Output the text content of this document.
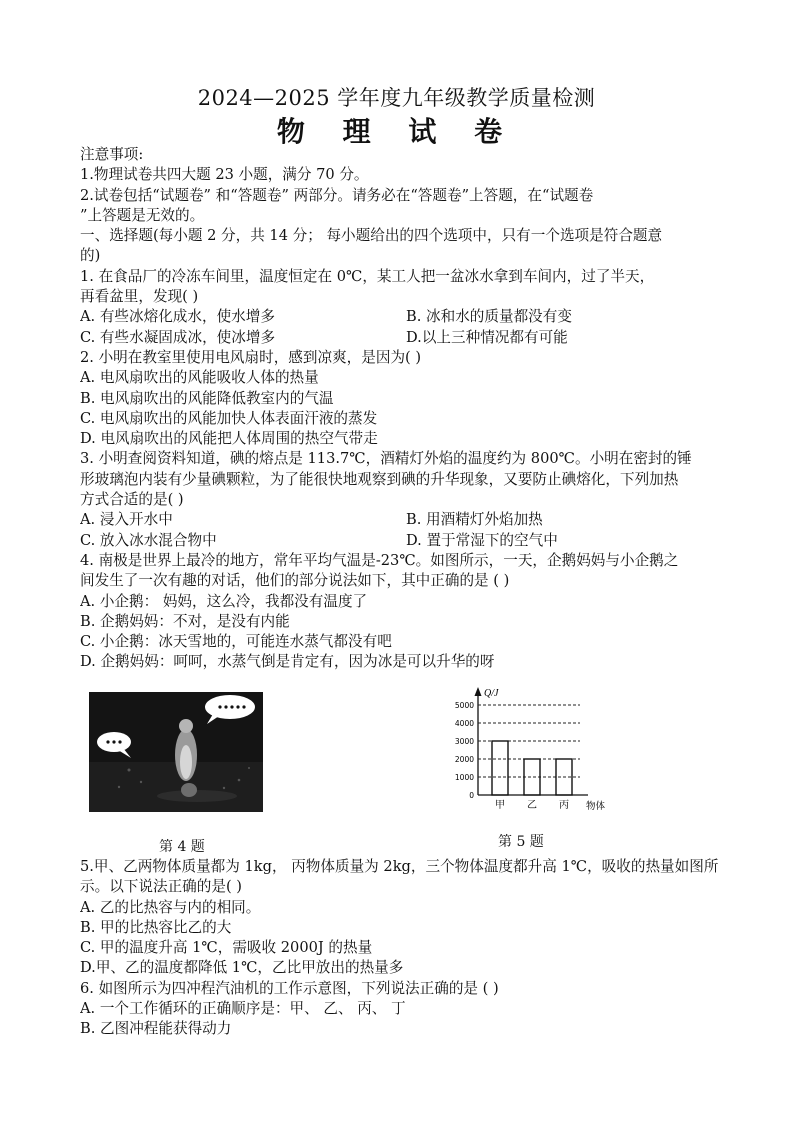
2024—2025 学年度九年级教学质量检测
物 理 试 卷
注意事项:
1.物理试卷共四大题 23 小题，满分 70 分。
2.试卷包括“试题卷” 和“答题卷” 两部分。请务必在“答题卷”上答题，在“试题卷
”上答题是无效的。
一、选择题(每小题 2 分，共 14 分； 每小题给出的四个选项中，只有一个选项是符合题意
的)
1. 在食品厂的冷冻车间里，温度恒定在 0℃，某工人把一盆冰水拿到车间内，过了半天，
再看盆里，发现( )
A. 有些冰熔化成水，使水增多	B. 冰和水的质量都没有变
C. 有些水凝固成冰，使冰增多	D.以上三种情况都有可能
2. 小明在教室里使用电风扇时，感到凉爽，是因为( )
A. 电风扇吹出的风能吸收人体的热量
B. 电风扇吹出的风能降低教室内的气温
C. 电风扇吹出的风能加快人体表面汗液的蒸发
D. 电风扇吹出的风能把人体周围的热空气带走
3. 小明查阅资料知道，碘的熔点是 113.7℃，酒精灯外焰的温度约为 800℃。小明在密封的锤
形玻璃泡内装有少量碘颗粒，为了能很快地观察到碘的升华现象，又要防止碘熔化，下列加热
方式合适的是( )
A. 浸入开水中	B. 用酒精灯外焰加热
C. 放入冰水混合物中	D. 置于常湿下的空气中
4. 南极是世界上最冷的地方，常年平均气温是-23℃。如图所示，一天，企鹅妈妈与小企鹅之
间发生了一次有趣的对话，他们的部分说法如下，其中正确的是 ( )
A. 小企鹅： 妈妈，这么冷，我都没有温度了
B. 企鹅妈妈：不对，是没有内能
C. 小企鹅：冰天雪地的，可能连水蒸气都没有吧
D. 企鹅妈妈：呵呵，水蒸气倒是肯定有，因为冰是可以升华的呀
第 4 题
Q/J
物体
0
1000
2000
3000
4000
5000
甲 乙 丙
第 5 题
5.甲、乙两物体质量都为 1kg， 丙物体质量为 2kg，三个物体温度都升高 1℃，吸收的热量如图所
示。以下说法正确的是( )
A. 乙的比热容与内的相同。
B. 甲的比热容比乙的大
C. 甲的温度升高 1℃，需吸收 2000J 的热量
D.甲、乙的温度都降低 1℃，乙比甲放出的热量多
6. 如图所示为四冲程汽油机的工作示意图，下列说法正确的是 ( )
A. 一个工作循环的正确顺序是：甲、 乙、 丙、 丁
B. 乙图冲程能获得动力
